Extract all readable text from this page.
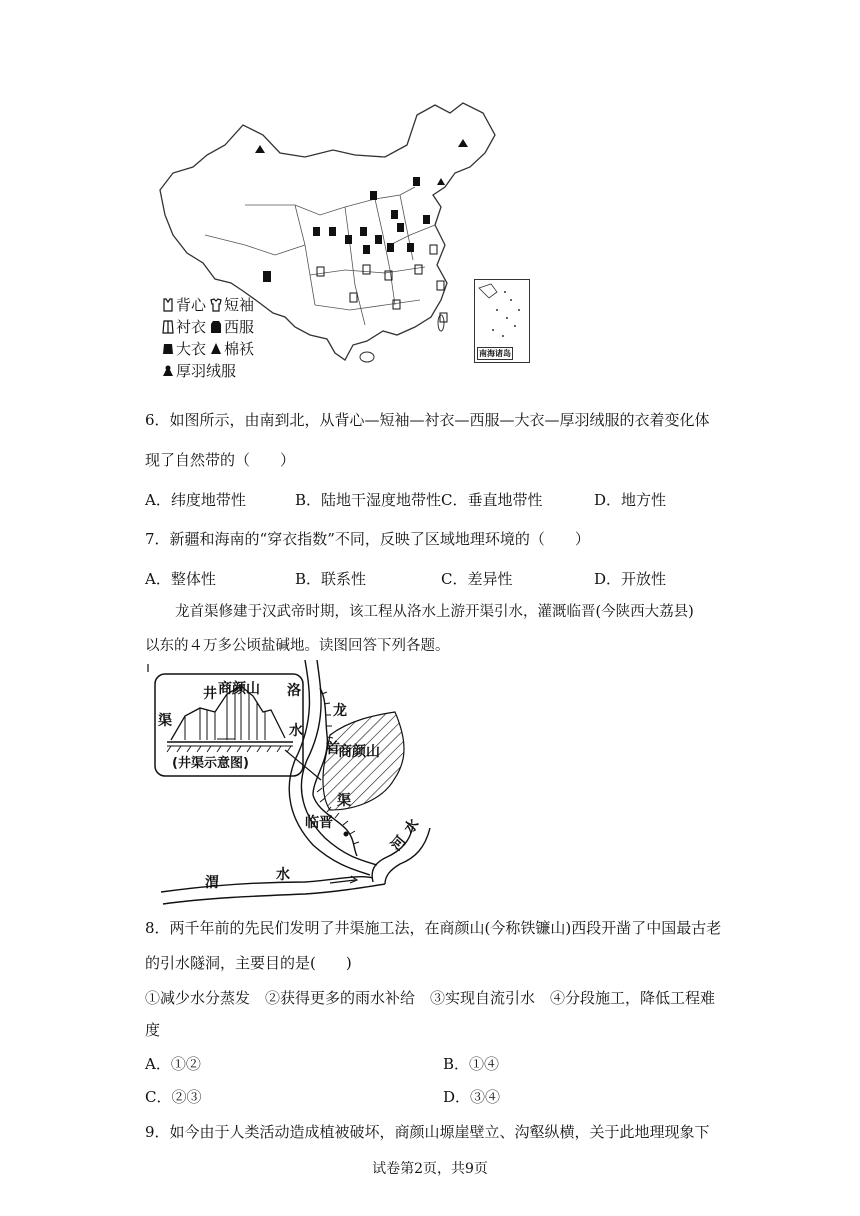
南海诸岛
背心	短袖
衬衣	西服
大衣	棉袄
厚羽绒服
6．如图所示，由南到北，从背心—短袖—衬衣—西服—大衣—厚羽绒服的衣着变化体
现了自然带的（　　）
A．纬度地带性	B．陆地干湿度地带性 C．垂直地带性	D．地方性
7．新疆和海南的“穿衣指数”不同，反映了区域地理环境的（　　）
A．整体性	B．联系性	C．差异性	D．开放性
龙首渠修建于汉武帝时期，该工程从洛水上游开渠引水，灌溉临晋(今陕西大荔县)
以东的４万多公顷盐碱地。读图回答下列各题。
井 商颜山
渠
(井渠示意图)
洛
水
龙
首
商颜山
渠
临晋
河
水
渭	水
8．两千年前的先民们发明了井渠施工法，在商颜山(今称铁镰山)西段开凿了中国最古老
的引水隧洞，主要目的是(　　)
①减少水分蒸发　②获得更多的雨水补给　③实现自流引水　④分段施工，降低工程难
度
A．①②	B．①④
C．②③	D．③④
9．如今由于人类活动造成植被破坏，商颜山塬崖壁立、沟壑纵横，关于此地理现象下
试卷第2页，共9页
